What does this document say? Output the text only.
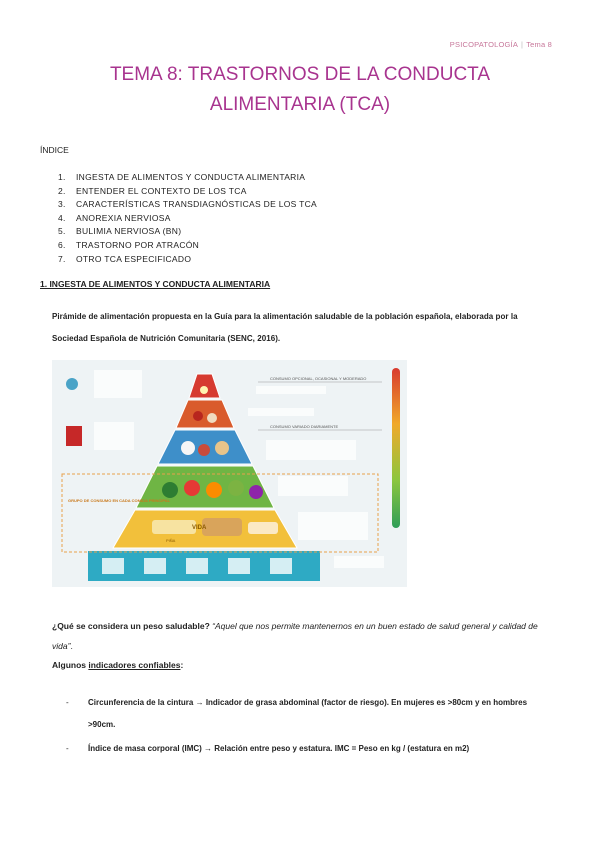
PSICOPATOLOGÍA | Tema 8
TEMA 8: TRASTORNOS DE LA CONDUCTA ALIMENTARIA (TCA)
ÍNDICE
1. INGESTA DE ALIMENTOS Y CONDUCTA ALIMENTARIA
2. ENTENDER EL CONTEXTO DE LOS TCA
3. CARACTERÍSTICAS TRANSDIAGNÓSTICAS DE LOS TCA
4. ANOREXIA NERVIOSA
5. BULIMIA NERVIOSA (BN)
6. TRASTORNO POR ATRACÓN
7. OTRO TCA ESPECIFICADO
1. INGESTA DE ALIMENTOS Y CONDUCTA ALIMENTARIA

Pirámide de alimentación propuesta en la Guía para la alimentación saludable de la población española, elaborada por la Sociedad Española de Nutrición Comunitaria (SENC, 2016).

VIDA
PIÑA
GRUPO DE CONSUMO EN CADA COMIDA PRINCIPAL
CONSUMO OPCIONAL, OCASIONAL Y MODERADO
CONSUMO VARIADO DIARIAMENTE

¿Qué se considera un peso saludable? “Aquel que nos permite mantenernos en un buen estado de salud general y calidad de vida”.

Algunos indicadores confiables:

- Circunferencia de la cintura → Indicador de grasa abdominal (factor de riesgo). En mujeres es >80cm y en hombres >90cm.
- Índice de masa corporal (IMC) → Relación entre peso y estatura. IMC = Peso en kg / (estatura en m2)
